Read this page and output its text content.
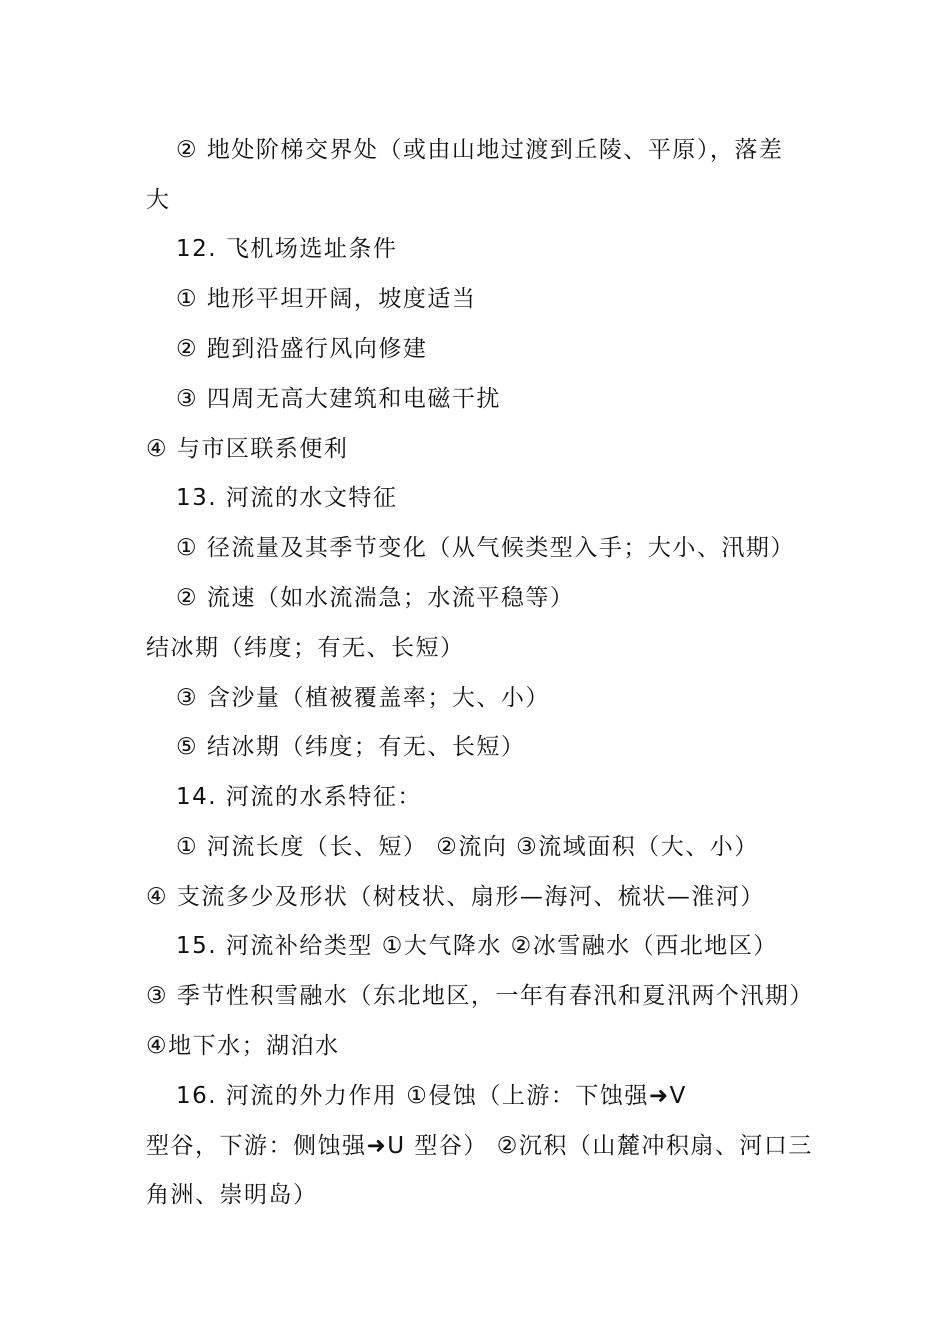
② 地处阶梯交界处（或由山地过渡到丘陵、平原），落差
大
12. 飞机场选址条件
① 地形平坦开阔，坡度适当
② 跑到沿盛行风向修建
③ 四周无高大建筑和电磁干扰
④ 与市区联系便利
13. 河流的水文特征
① 径流量及其季节变化（从气候类型入手；大小、汛期）
② 流速（如水流湍急；水流平稳等）
结冰期（纬度；有无、长短）
③ 含沙量（植被覆盖率；大、小）
⑤ 结冰期（纬度；有无、长短）
14. 河流的水系特征：
① 河流长度（长、短） ②流向 ③流域面积（大、小）
④ 支流多少及形状（树枝状、扇形—海河、梳状—淮河）
15. 河流补给类型 ①大气降水 ②冰雪融水（西北地区）
③ 季节性积雪融水（东北地区，一年有春汛和夏汛两个汛期）
④地下水；湖泊水
16. 河流的外力作用 ①侵蚀（上游：下蚀强➜V
型谷，下游：侧蚀强➜U 型谷） ②沉积（山麓冲积扇、河口三
角洲、崇明岛）
